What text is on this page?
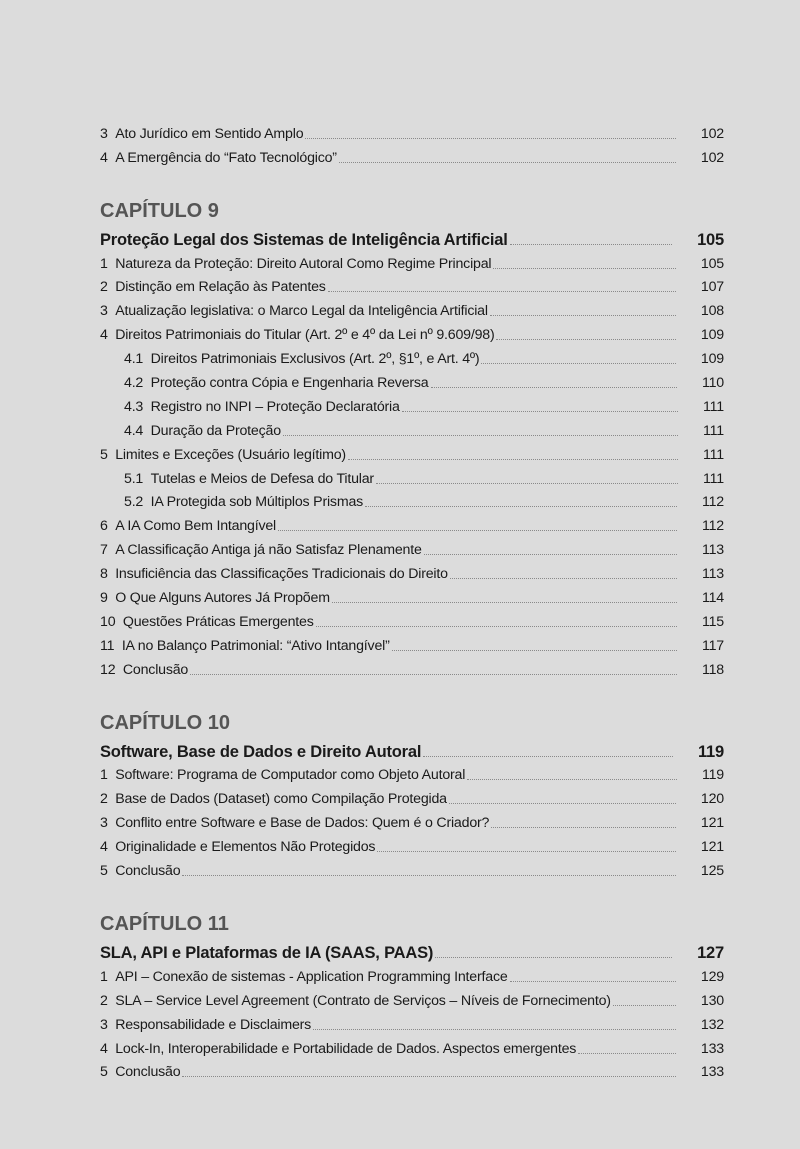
3 Ato Jurídico em Sentido Amplo	102
4 A Emergência do “Fato Tecnológico”	102
CAPÍTULO 9
Proteção Legal dos Sistemas de Inteligência Artificial	105
1 Natureza da Proteção: Direito Autoral Como Regime Principal	105
2 Distinção em Relação às Patentes	107
3 Atualização legislativa: o Marco Legal da Inteligência Artificial	108
4 Direitos Patrimoniais do Titular (Art. 2º e 4º da Lei nº 9.609/98)	109
4.1 Direitos Patrimoniais Exclusivos (Art. 2º, §1º, e Art. 4º)	109
4.2 Proteção contra Cópia e Engenharia Reversa	110
4.3 Registro no INPI – Proteção Declaratória	111
4.4 Duração da Proteção	111
5 Limites e Exceções (Usuário legítimo)	111
5.1 Tutelas e Meios de Defesa do Titular	111
5.2 IA Protegida sob Múltiplos Prismas	112
6 A IA Como Bem Intangível	112
7 A Classificação Antiga já não Satisfaz Plenamente	113
8 Insuficiência das Classificações Tradicionais do Direito	113
9 O Que Alguns Autores Já Propõem	114
10 Questões Práticas Emergentes	115
11 IA no Balanço Patrimonial: “Ativo Intangível”	117
12 Conclusão	118
CAPÍTULO 10
Software, Base de Dados e Direito Autoral	119
1 Software: Programa de Computador como Objeto Autoral	119
2 Base de Dados (Dataset) como Compilação Protegida	120
3 Conflito entre Software e Base de Dados: Quem é o Criador?	121
4 Originalidade e Elementos Não Protegidos	121
5 Conclusão	125
CAPÍTULO 11
SLA, API e Plataformas de IA (SAAS, PAAS)	127
1 API – Conexão de sistemas - Application Programming Interface	129
2 SLA – Service Level Agreement (Contrato de Serviços – Níveis de Fornecimento)	130
3 Responsabilidade e Disclaimers	132
4 Lock-In, Interoperabilidade e Portabilidade de Dados. Aspectos emergentes	133
5 Conclusão	133
